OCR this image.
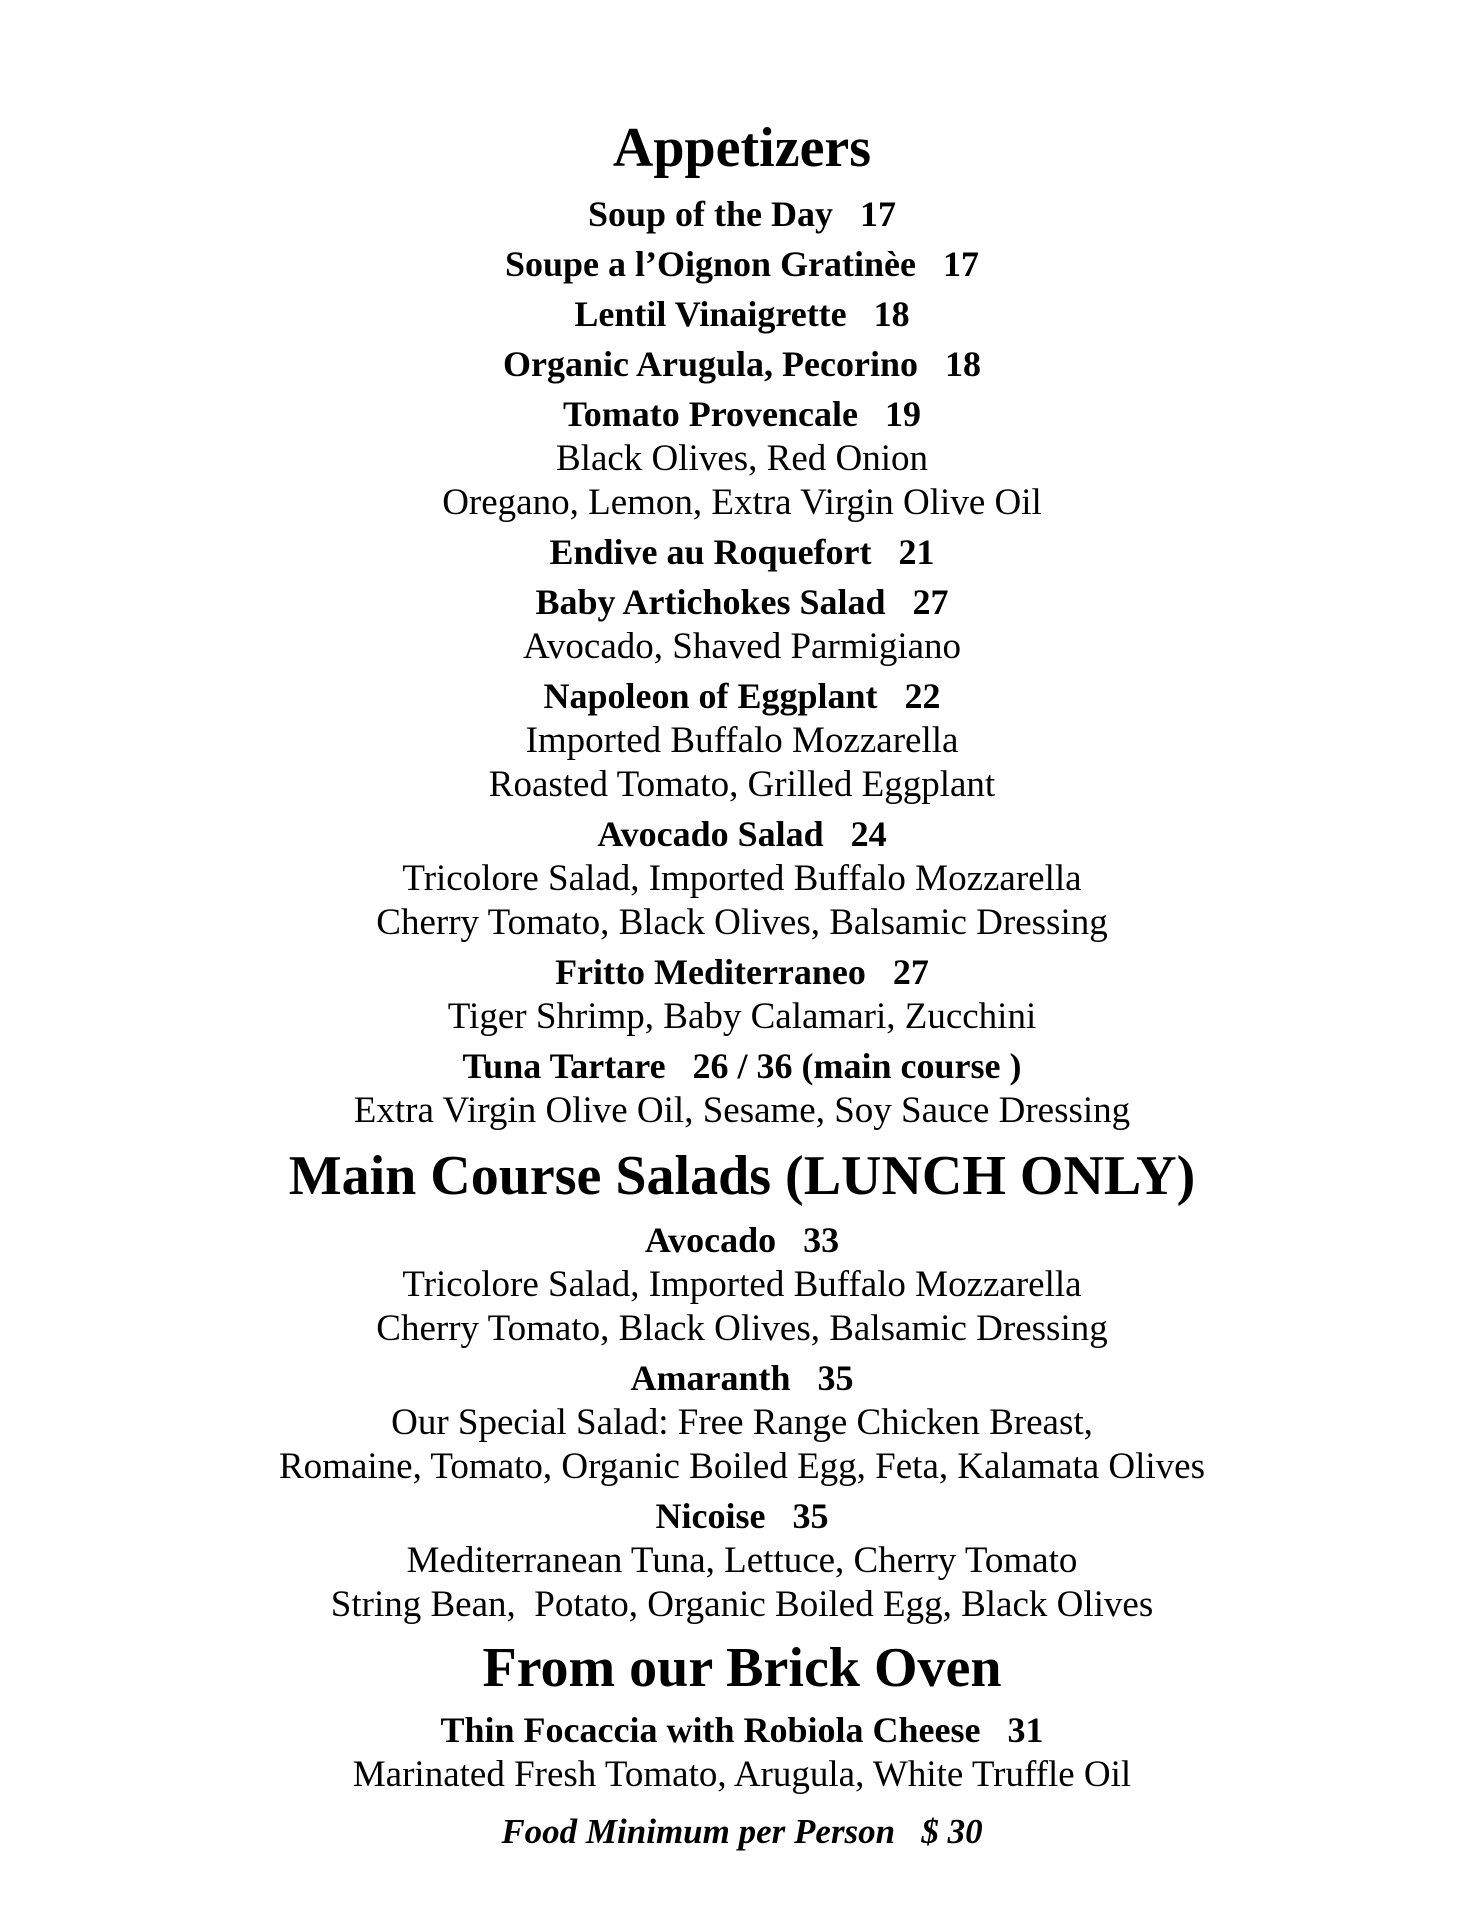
Appetizers
Soup of the Day   17
Soupe a l’Oignon Gratinèe   17
Lentil Vinaigrette   18
Organic Arugula, Pecorino   18
Tomato Provencale   19
Black Olives, Red Onion
Oregano, Lemon, Extra Virgin Olive Oil
Endive au Roquefort   21
Baby Artichokes Salad   27
Avocado, Shaved Parmigiano
Napoleon of Eggplant   22
Imported Buffalo Mozzarella
Roasted Tomato, Grilled Eggplant
Avocado Salad   24
Tricolore Salad, Imported Buffalo Mozzarella
Cherry Tomato, Black Olives, Balsamic Dressing
Fritto Mediterraneo   27
Tiger Shrimp, Baby Calamari, Zucchini
Tuna Tartare   26 / 36 (main course )
Extra Virgin Olive Oil, Sesame, Soy Sauce Dressing
Main Course Salads (LUNCH ONLY)
Avocado   33
Tricolore Salad, Imported Buffalo Mozzarella
Cherry Tomato, Black Olives, Balsamic Dressing
Amaranth   35
Our Special Salad: Free Range Chicken Breast,
Romaine, Tomato, Organic Boiled Egg, Feta, Kalamata Olives
Nicoise   35
Mediterranean Tuna, Lettuce, Cherry Tomato
String Bean,  Potato, Organic Boiled Egg, Black Olives
From our Brick Oven
Thin Focaccia with Robiola Cheese   31
Marinated Fresh Tomato, Arugula, White Truffle Oil
Food Minimum per Person   $ 30
